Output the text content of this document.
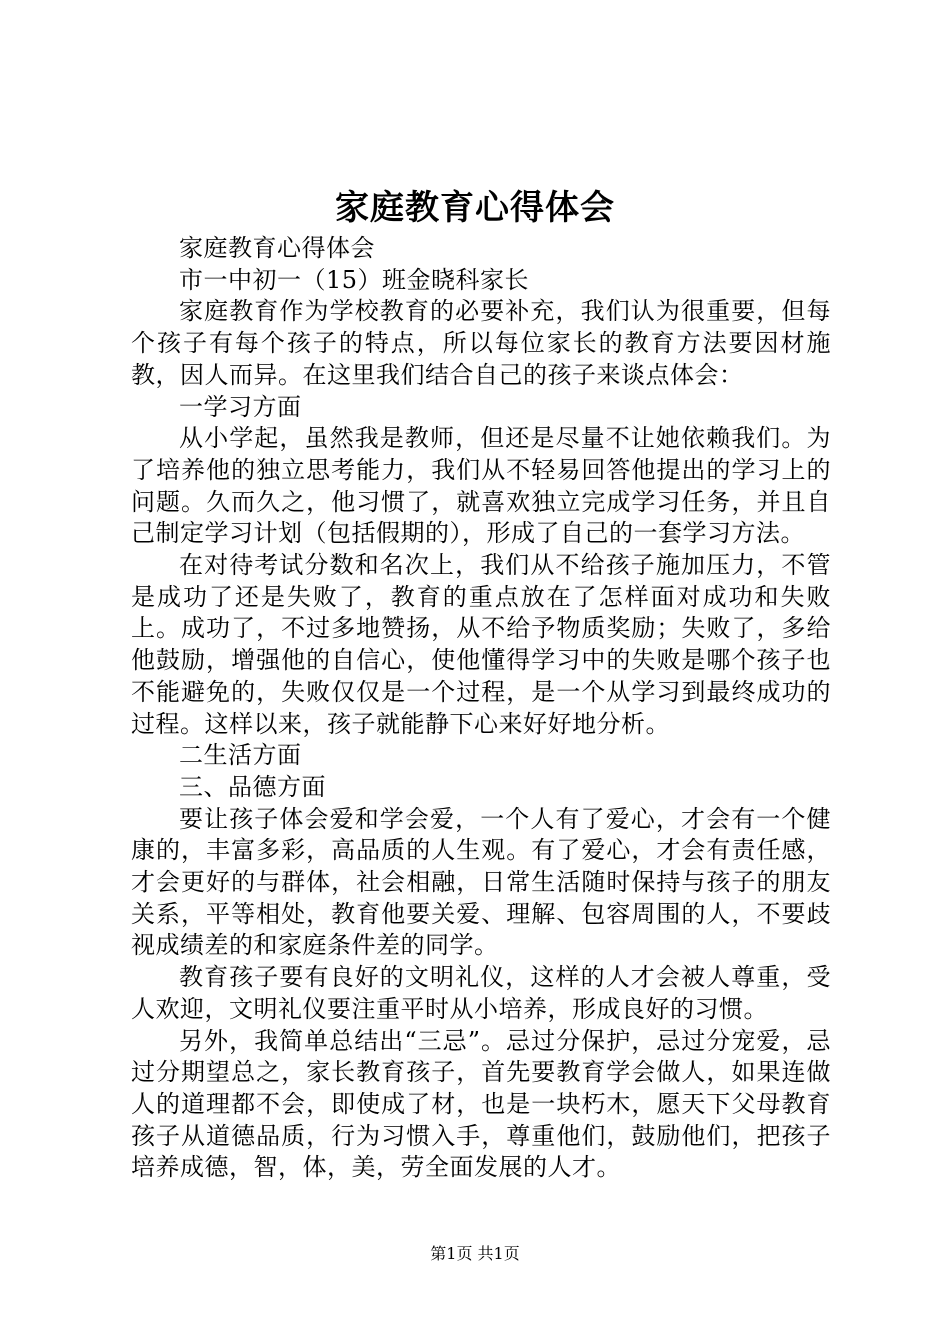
家庭教育心得体会

家庭教育心得体会

市一中初一（15）班金晓科家长

家庭教育作为学校教育的必要补充，我们认为很重要，但每个孩子有每个孩子的特点，所以每位家长的教育方法要因材施教，因人而异。在这里我们结合自己的孩子来谈点体会：

一学习方面

从小学起，虽然我是教师，但还是尽量不让她依赖我们。为了培养他的独立思考能力，我们从不轻易回答他提出的学习上的问题。久而久之，他习惯了，就喜欢独立完成学习任务，并且自己制定学习计划（包括假期的），形成了自己的一套学习方法。

在对待考试分数和名次上，我们从不给孩子施加压力，不管是成功了还是失败了，教育的重点放在了怎样面对成功和失败上。成功了，不过多地赞扬，从不给予物质奖励；失败了，多给他鼓励，增强他的自信心，使他懂得学习中的失败是哪个孩子也不能避免的，失败仅仅是一个过程，是一个从学习到最终成功的过程。这样以来，孩子就能静下心来好好地分析。

二生活方面

三、品德方面

要让孩子体会爱和学会爱，一个人有了爱心，才会有一个健康的，丰富多彩，高品质的人生观。有了爱心，才会有责任感，才会更好的与群体，社会相融，日常生活随时保持与孩子的朋友关系，平等相处，教育他要关爱、理解、包容周围的人，不要歧视成绩差的和家庭条件差的同学。

教育孩子要有良好的文明礼仪，这样的人才会被人尊重，受人欢迎，文明礼仪要注重平时从小培养，形成良好的习惯。

另外，我简单总结出“三忌”。忌过分保护，忌过分宠爱，忌过分期望总之，家长教育孩子，首先要教育学会做人，如果连做人的道理都不会，即使成了材，也是一块朽木，愿天下父母教育孩子从道德品质，行为习惯入手，尊重他们，鼓励他们，把孩子培养成德，智，体，美，劳全面发展的人才。

第1页 共1页
